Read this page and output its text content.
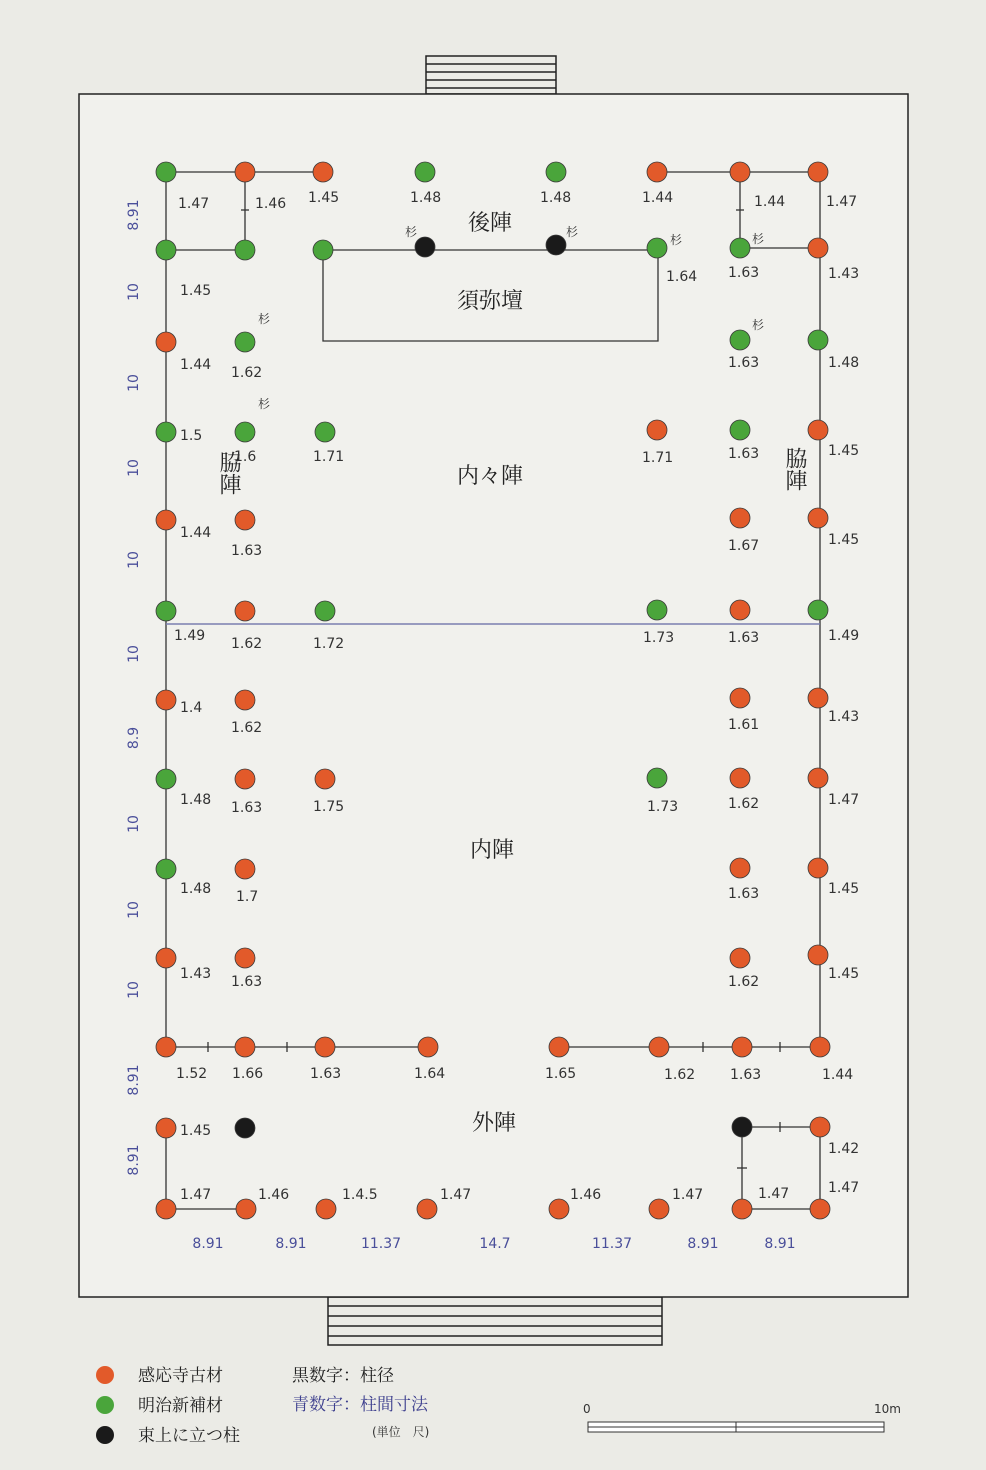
後陣
須弥壇
内々陣
内陣
外陣
脇陣	脇陣
杉	杉
杉	杉
杉	杉
杉
1.47	1.46 1.45	1.48	1.48	1.44	1.44	1.47
1.45
1.64 1.63	1.43
1.44 1.62
1.63	1.48
1.5
1.6	1.71	1.71	1.63	1.45
1.44
1.63	1.67	1.45
1.49 1.62	1.72	1.73	1.63	1.49
1.4
1.62	1.61	1.43
1.48 1.63	1.75	1.73	1.62	1.47
1.48 1.7	1.63	1.45
1.43 1.63	1.62	1.45
1.52 1.66	1.63	1.64	1.65	1.62 1.63	1.44
1.45
1.42
1.47	1.46	1.4.5	1.47	1.46	1.47	1.47	1.47
8.91
10
10
10
10
10
8.9
10
10
10
8.91
8.91
8.91	8.91	11.37	14.7	11.37	8.91	8.91
感応寺古材
明治新補材
束上に立つ柱
黒数字：柱径
青数字：柱間寸法
(単位　尺)
0	10m
